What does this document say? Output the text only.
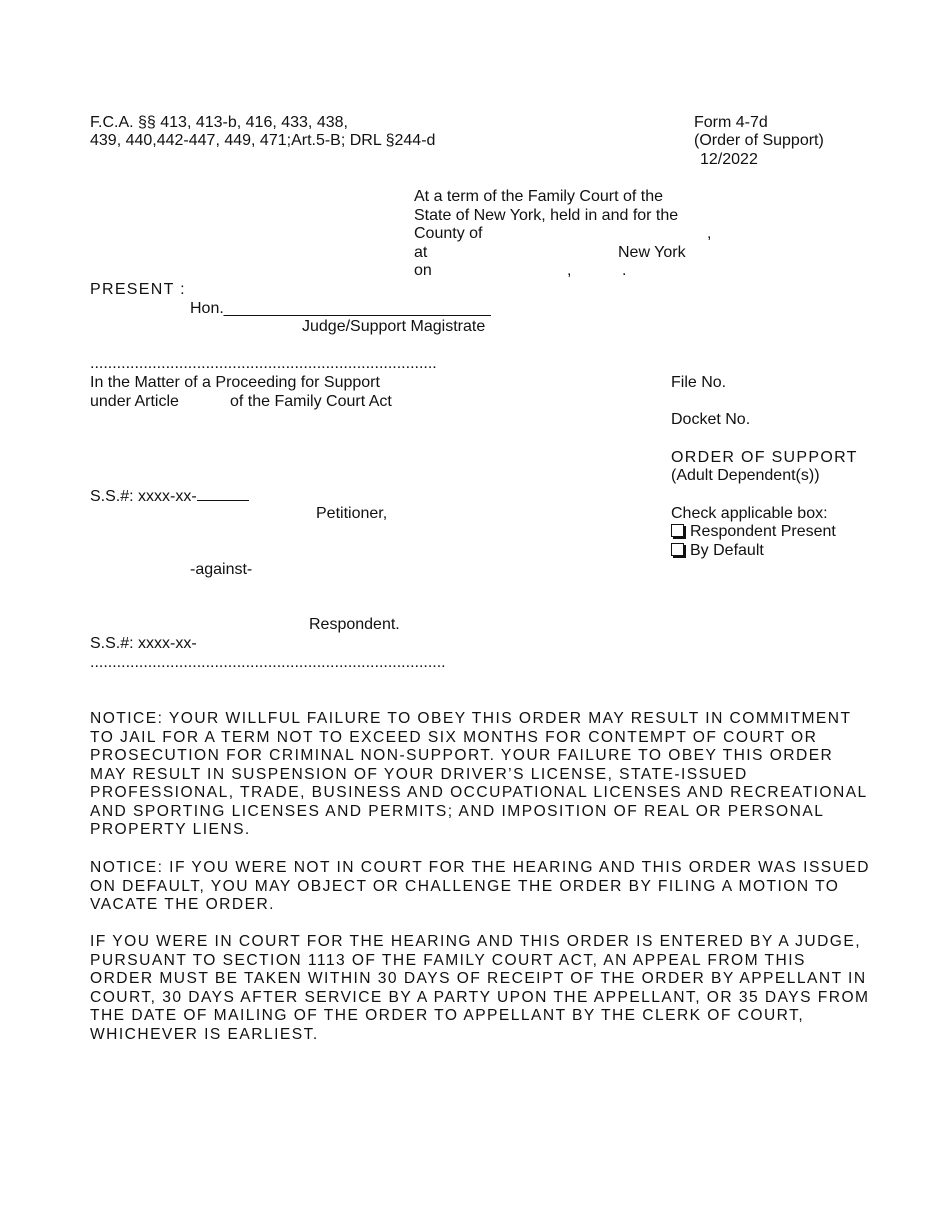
F.C.A. §§ 413, 413-b, 416, 433, 438,
439, 440,442-447, 449, 471;Art.5-B; DRL §244-d
Form 4-7d
(Order of Support)
12/2022
At a term of the Family Court of the
State of New York, held in and for the
County of	,
at	New York
on	,	.
PRESENT :
Hon.______________________________
Judge/Support Magistrate
..............................................................................
In the Matter of a Proceeding for Support
under Article	of the Family Court Act
S.S.#: xxxx-xx-
Petitioner,
-against-
Respondent.
S.S.#: xxxx-xx-
................................................................................
File No.
Docket No.
ORDER OF SUPPORT
(Adult Dependent(s))
Check applicable box:
Respondent Present
By Default
NOTICE: YOUR WILLFUL FAILURE TO OBEY THIS ORDER MAY RESULT IN COMMITMENT TO JAIL FOR A TERM NOT TO EXCEED SIX MONTHS FOR CONTEMPT OF COURT OR PROSECUTION FOR CRIMINAL NON-SUPPORT. YOUR FAILURE TO OBEY THIS ORDER MAY RESULT IN SUSPENSION OF YOUR DRIVER’S LICENSE, STATE-ISSUED PROFESSIONAL, TRADE, BUSINESS AND OCCUPATIONAL LICENSES AND RECREATIONAL AND SPORTING LICENSES AND PERMITS; AND IMPOSITION OF REAL OR PERSONAL PROPERTY LIENS.
NOTICE: IF YOU WERE NOT IN COURT FOR THE HEARING AND THIS ORDER WAS ISSUED ON DEFAULT, YOU MAY OBJECT OR CHALLENGE THE ORDER BY FILING A MOTION TO VACATE THE ORDER.
IF YOU WERE IN COURT FOR THE HEARING AND THIS ORDER IS ENTERED BY A JUDGE, PURSUANT TO SECTION 1113 OF THE FAMILY COURT ACT, AN APPEAL FROM THIS ORDER MUST BE TAKEN WITHIN 30 DAYS OF RECEIPT OF THE ORDER BY APPELLANT IN COURT, 30 DAYS AFTER SERVICE BY A PARTY UPON THE APPELLANT, OR 35 DAYS FROM THE DATE OF MAILING OF THE ORDER TO APPELLANT BY THE CLERK OF COURT, WHICHEVER IS EARLIEST.
